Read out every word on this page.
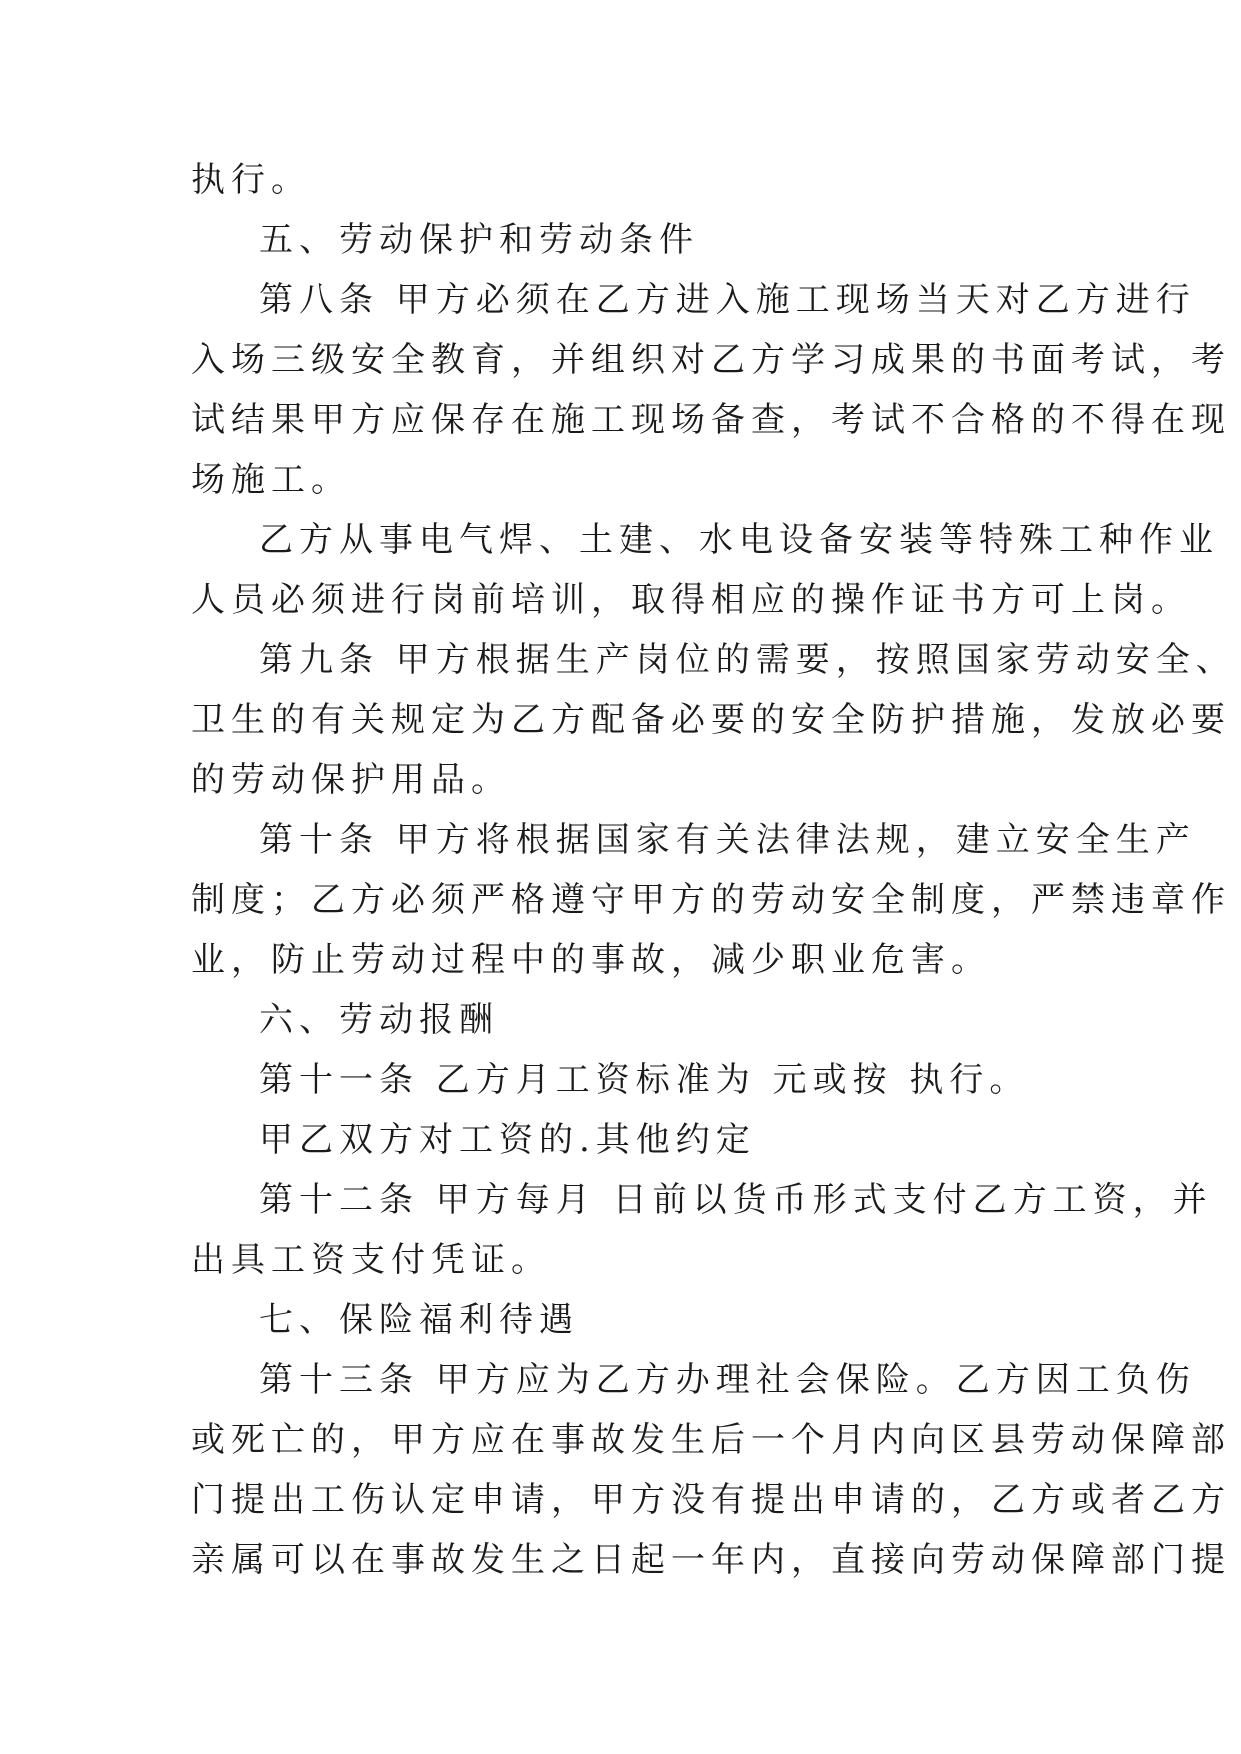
执行。
五、劳动保护和劳动条件
第八条 甲方必须在乙方进入施工现场当天对乙方进行
入场三级安全教育，并组织对乙方学习成果的书面考试，考
试结果甲方应保存在施工现场备查，考试不合格的不得在现
场施工。
乙方从事电气焊、土建、水电设备安装等特殊工种作业
人员必须进行岗前培训，取得相应的操作证书方可上岗。
第九条 甲方根据生产岗位的需要，按照国家劳动安全、
卫生的有关规定为乙方配备必要的安全防护措施，发放必要
的劳动保护用品。
第十条 甲方将根据国家有关法律法规，建立安全生产
制度；乙方必须严格遵守甲方的劳动安全制度，严禁违章作
业，防止劳动过程中的事故，减少职业危害。
六、劳动报酬
第十一条 乙方月工资标准为 元或按 执行。
甲乙双方对工资的.其他约定
第十二条 甲方每月 日前以货币形式支付乙方工资，并
出具工资支付凭证。
七、保险福利待遇
第十三条 甲方应为乙方办理社会保险。乙方因工负伤
或死亡的，甲方应在事故发生后一个月内向区县劳动保障部
门提出工伤认定申请，甲方没有提出申请的，乙方或者乙方
亲属可以在事故发生之日起一年内，直接向劳动保障部门提
